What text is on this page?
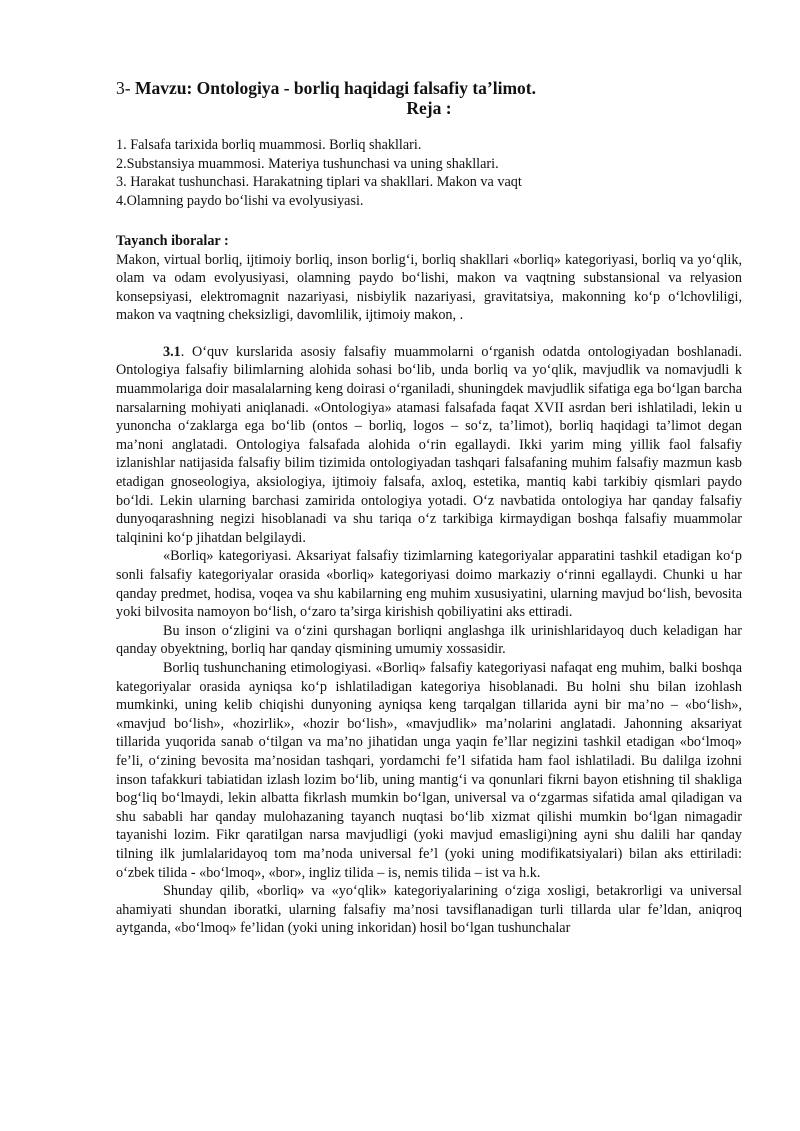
3- Mavzu: Ontologiya - borliq haqidagi falsafiy ta’limot.

Reja :

1. Falsafa tarixida borliq muammosi. Borliq shakllari.

2.Substansiya muammosi. Materiya tushunchasi va uning shakllari.

3. Harakat tushunchasi. Harakatning tiplari va shakllari. Makon va vaqt

4.Olamning paydo bo‘lishi va evolyusiyasi.

Tayanch iboralar :

Makon, virtual borliq, ijtimoiy borliq, inson borlig‘i, borliq shakllari «borliq» kategoriyasi, borliq va yo‘qlik, olam va odam evolyusiyasi, olamning paydo bo‘lishi, makon va vaqtning substansional va relyasion konsepsiyasi, elektromagnit nazariyasi, nisbiylik nazariyasi, gravitatsiya, makonning ko‘p o‘lchovliligi, makon va vaqtning cheksizligi, davomlilik, ijtimoiy makon, .

3.1. O‘quv kurslarida asosiy falsafiy muammolarni o‘rganish odatda ontologiyadan boshlanadi. Ontologiya falsafiy bilimlarning alohida sohasi bo‘lib, unda borliq va yo‘qlik, mavjudlik va nomavjudli k muammolariga doir masalalarning keng doirasi o‘rganiladi, shuningdek mavjudlik sifatiga ega bo‘lgan barcha narsalarning mohiyati aniqlanadi. «Ontologiya» atamasi falsafada faqat XVII asrdan beri ishlatiladi, lekin u yunoncha o‘zaklarga ega bo‘lib (ontos – borliq, logos – so‘z, ta’limot), borliq haqidagi ta’limot degan ma’noni anglatadi. Ontologiya falsafada alohida o‘rin egallaydi. Ikki yarim ming yillik faol falsafiy izlanishlar natijasida falsafiy bilim tizimida ontologiyadan tashqari falsafaning muhim falsafiy mazmun kasb etadigan gnoseologiya, aksiologiya, ijtimoiy falsafa, axloq, estetika, mantiq kabi tarkibiy qismlari paydo bo‘ldi. Lekin ularning barchasi zamirida ontologiya yotadi. O‘z navbatida ontologiya har qanday falsafiy dunyoqarashning negizi hisoblanadi va shu tariqa o‘z tarkibiga kirmaydigan boshqa falsafiy muammolar talqinini ko‘p jihatdan belgilaydi.

«Borliq» kategoriyasi. Aksariyat falsafiy tizimlarning kategoriyalar apparatini tashkil etadigan ko‘p sonli falsafiy kategoriyalar orasida «borliq» kategoriyasi doimo markaziy o‘rinni egallaydi. Chunki u har qanday predmet, hodisa, voqea va shu kabilarning eng muhim xususiyatini, ularning mavjud bo‘lish, bevosita yoki bilvosita namoyon bo‘lish, o‘zaro ta’sirga kirishish qobiliyatini aks ettiradi.

Bu inson o‘zligini va o‘zini qurshagan borliqni anglashga ilk urinishlaridayoq duch keladigan har qanday obyektning, borliq har qanday qismining umumiy xossasidir.

Borliq tushunchaning etimologiyasi. «Borliq» falsafiy kategoriyasi nafaqat eng muhim, balki boshqa kategoriyalar orasida ayniqsa ko‘p ishlatiladigan kategoriya hisoblanadi. Bu holni shu bilan izohlash mumkinki, uning kelib chiqishi dunyoning ayniqsa keng tarqalgan tillarida ayni bir ma’no – «bo‘lish», «mavjud bo‘lish», «hozirlik», «hozir bo‘lish», «mavjudlik» ma’nolarini anglatadi. Jahonning aksariyat tillarida yuqorida sanab o‘tilgan va ma’no jihatidan unga yaqin fe’llar negizini tashkil etadigan «bo‘lmoq» fe’li, o‘zining bevosita ma’nosidan tashqari, yordamchi fe’l sifatida ham faol ishlatiladi. Bu dalilga izohni inson tafakkuri tabiatidan izlash lozim bo‘lib, uning mantig‘i va qonunlari fikrni bayon etishning til shakliga bog‘liq bo‘lmaydi, lekin albatta fikrlash mumkin bo‘lgan, universal va o‘zgarmas sifatida amal qiladigan va shu sababli har qanday mulohazaning tayanch nuqtasi bo‘lib xizmat qilishi mumkin bo‘lgan nimagadir tayanishi lozim. Fikr qaratilgan narsa mavjudligi (yoki mavjud emasligi)ning ayni shu dalili har qanday tilning ilk jumlalaridayoq tom ma’noda universal fe’l (yoki uning modifikatsiyalari) bilan aks ettiriladi: o‘zbek tilida - «bo‘lmoq», «bor», ingliz tilida – is, nemis tilida – ist va h.k.

Shunday qilib, «borliq» va «yo‘qlik» kategoriyalarining o‘ziga xosligi, betakrorligi va universal ahamiyati shundan iboratki, ularning falsafiy ma’nosi tavsiflanadigan turli tillarda ular fe’ldan, aniqroq aytganda, «bo‘lmoq» fe’lidan (yoki uning inkoridan) hosil bo‘lgan tushunchalar
